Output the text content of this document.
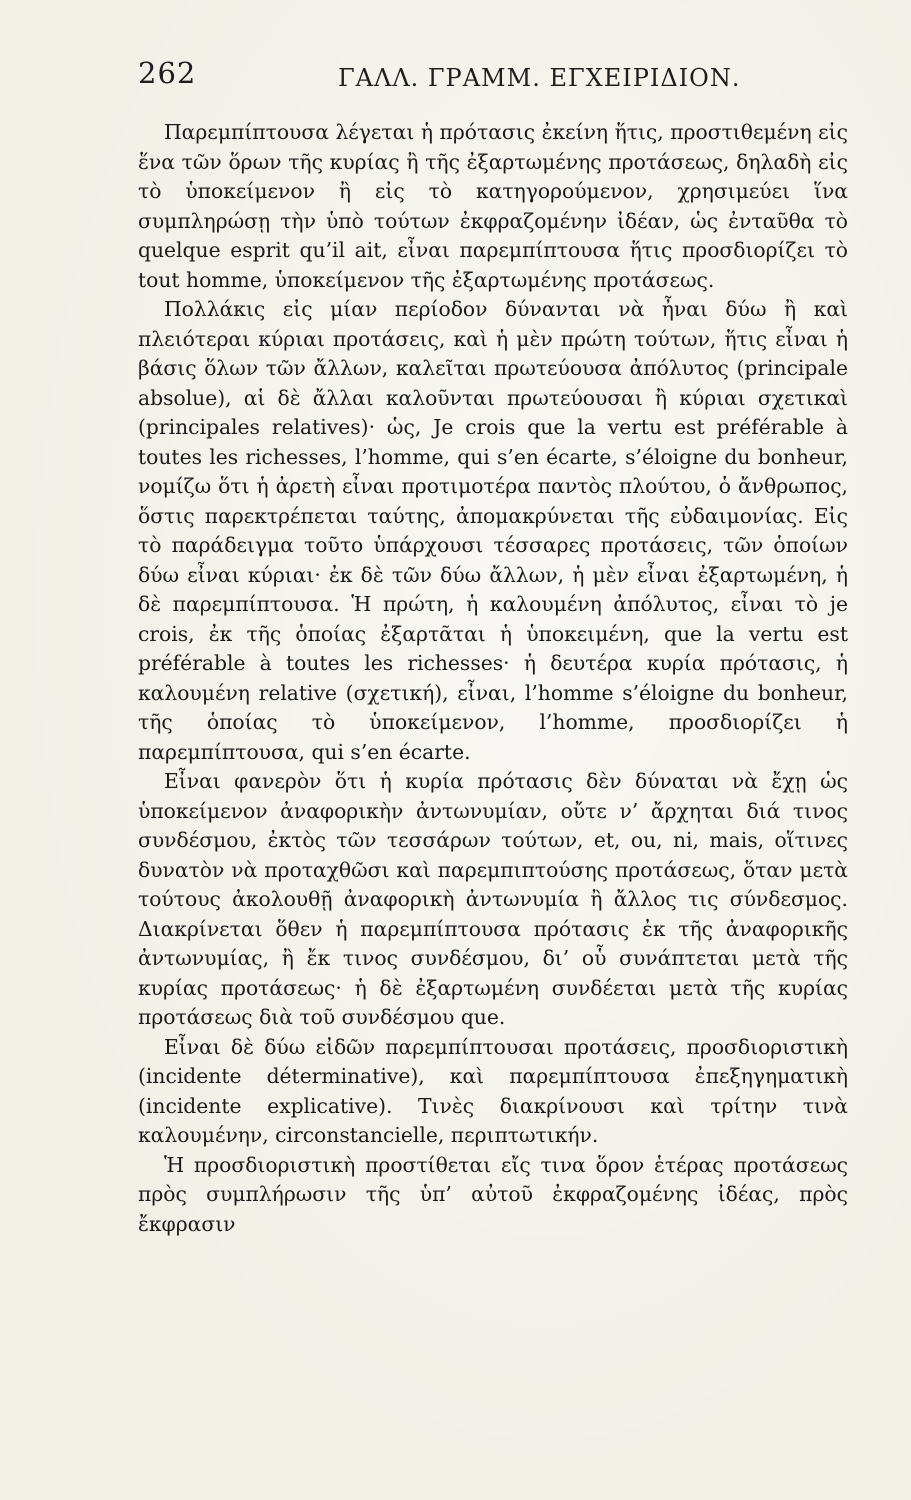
262	ΓΑΛΛ. ΓΡΑΜΜ. ΕΓΧΕΙΡΙΔΙΟΝ.

Παρεμπίπτουσα λέγεται ἡ πρότασις ἐκείνη ἥτις, προστιθεμένη εἰς ἕνα τῶν ὅρων τῆς κυρίας ἢ τῆς ἐξαρτωμένης προτάσεως, δηλαδὴ εἰς τὸ ὑποκείμενον ἢ εἰς τὸ κατηγορούμενον, χρησιμεύει ἵνα συμπληρώσῃ τὴν ὑπὸ τούτων ἐκφραζομένην ἰδέαν, ὡς ἐνταῦθα τὸ quelque esprit qu’il ait, εἶναι παρεμπίπτουσα ἥτις προσδιορίζει τὸ tout homme, ὑποκείμενον τῆς ἐξαρτωμένης προτάσεως.

Πολλάκις εἰς μίαν περίοδον δύνανται νὰ ἦναι δύω ἢ καὶ πλειότεραι κύριαι προτάσεις, καὶ ἡ μὲν πρώτη τούτων, ἥτις εἶναι ἡ βάσις ὅλων τῶν ἄλλων, καλεῖται πρωτεύουσα ἀπόλυτος (principale absolue), αἱ δὲ ἄλλαι καλοῦνται πρωτεύουσαι ἢ κύριαι σχετικαὶ (principales relatives)· ὡς, Je crois que la vertu est préférable à toutes les richesses, l’homme, qui s’en écarte, s’éloigne du bonheur, νομίζω ὅτι ἡ ἀρετὴ εἶναι προτιμοτέρα παντὸς πλούτου, ὁ ἄνθρωπος, ὅστις παρεκτρέπεται ταύτης, ἀπομακρύνεται τῆς εὐδαιμονίας. Εἰς τὸ παράδειγμα τοῦτο ὑπάρχουσι τέσσαρες προτάσεις, τῶν ὁποίων δύω εἶναι κύριαι· ἐκ δὲ τῶν δύω ἄλλων, ἡ μὲν εἶναι ἐξαρτωμένη, ἡ δὲ παρεμπίπτουσα. Ἡ πρώτη, ἡ καλουμένη ἀπόλυτος, εἶναι τὸ je crois, ἐκ τῆς ὁποίας ἐξαρτᾶται ἡ ὑποκειμένη, que la vertu est préférable à toutes les richesses· ἡ δευτέρα κυρία πρότασις, ἡ καλουμένη relative (σχετική), εἶναι, l’homme s’éloigne du bonheur, τῆς ὁποίας τὸ ὑποκείμενον, l’homme, προσδιορίζει ἡ παρεμπίπτουσα, qui s’en écarte.

Εἶναι φανερὸν ὅτι ἡ κυρία πρότασις δὲν δύναται νὰ ἔχῃ ὡς ὑποκείμενον ἀναφορικὴν ἀντωνυμίαν, οὔτε ν’ ἄρχηται διά τινος συνδέσμου, ἐκτὸς τῶν τεσσάρων τούτων, et, ou, ni, mais, οἵτινες δυνατὸν νὰ προταχθῶσι καὶ παρεμπιπτούσης προτάσεως, ὅταν μετὰ τούτους ἀκολουθῇ ἀναφορικὴ ἀντωνυμία ἢ ἄλλος τις σύνδεσμος. Διακρίνεται ὅθεν ἡ παρεμπίπτουσα πρότασις ἐκ τῆς ἀναφορικῆς ἀντωνυμίας, ἢ ἔκ τινος συνδέσμου, δι’ οὗ συνάπτεται μετὰ τῆς κυρίας προτάσεως· ἡ δὲ ἐξαρτωμένη συνδέεται μετὰ τῆς κυρίας προτάσεως διὰ τοῦ συνδέσμου que.

Εἶναι δὲ δύω εἰδῶν παρεμπίπτουσαι προτάσεις, προσδιοριστικὴ (incidente déterminative), καὶ παρεμπίπτουσα ἐπεξηγηματικὴ (incidente explicative). Τινὲς διακρίνουσι καὶ τρίτην τινὰ καλουμένην, circonstancielle, περιπτωτικήν.

Ἡ προσδιοριστικὴ προστίθεται εἴς τινα ὅρον ἑτέρας προτάσεως πρὸς συμπλήρωσιν τῆς ὑπ’ αὐτοῦ ἐκφραζομένης ἰδέας, πρὸς ἔκφρασιν
